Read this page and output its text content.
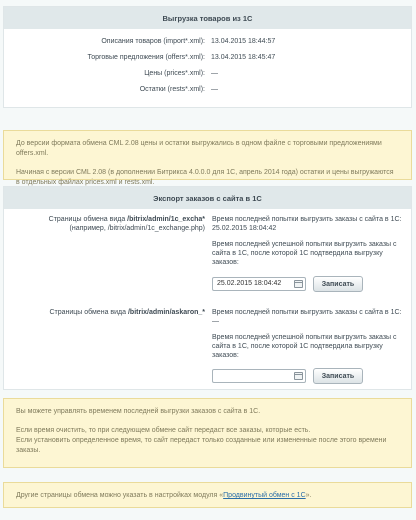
Выгрузка товаров из 1С
Описания товаров (import*.xml): 13.04.2015 18:44:57
Торговые предложения (offers*.xml): 13.04.2015 18:45:47
Цены (prices*.xml): —
Остатки (rests*.xml): —

До версии формата обмена CML 2.08 цены и остатки выгружались в одном файле с торговыми предложениями offers.xml.

Начиная с версии CML 2.08 (в дополнении Битрикса 4.0.0.0 для 1С, апрель 2014 года) остатки и цены выгружаются в отдельных файлах prices.xml и rests.xml.

Экспорт заказов с сайта в 1С
Страницы обмена вида /bitrix/admin/1c_excha*
(например, /bitrix/admin/1c_exchange.php)
Время последней попытки выгрузить заказы с сайта в 1С:
25.02.2015 18:04:42
Время последней успешной попытки выгрузить заказы с сайта в 1С, после которой 1С подтвердила выгрузку заказов:
25.02.2015 18:04:42	Записать
Страницы обмена вида /bitrix/admin/askaron_* Время последней попытки выгрузить заказы с сайта в 1С:
—
Время последней успешной попытки выгрузить заказы с сайта в 1С, после которой 1С подтвердила выгрузку заказов:
Записать

Вы можете управлять временем последней выгрузки заказов с сайта в 1С.

Если время очистить, то при следующем обмене сайт передаст все заказы, которые есть.
Если установить определенное время, то сайт передаст только созданные или измененные после этого времени заказы.

Другие страницы обмена можно указать в настройках модуля «Продвинутый обмен с 1С».
